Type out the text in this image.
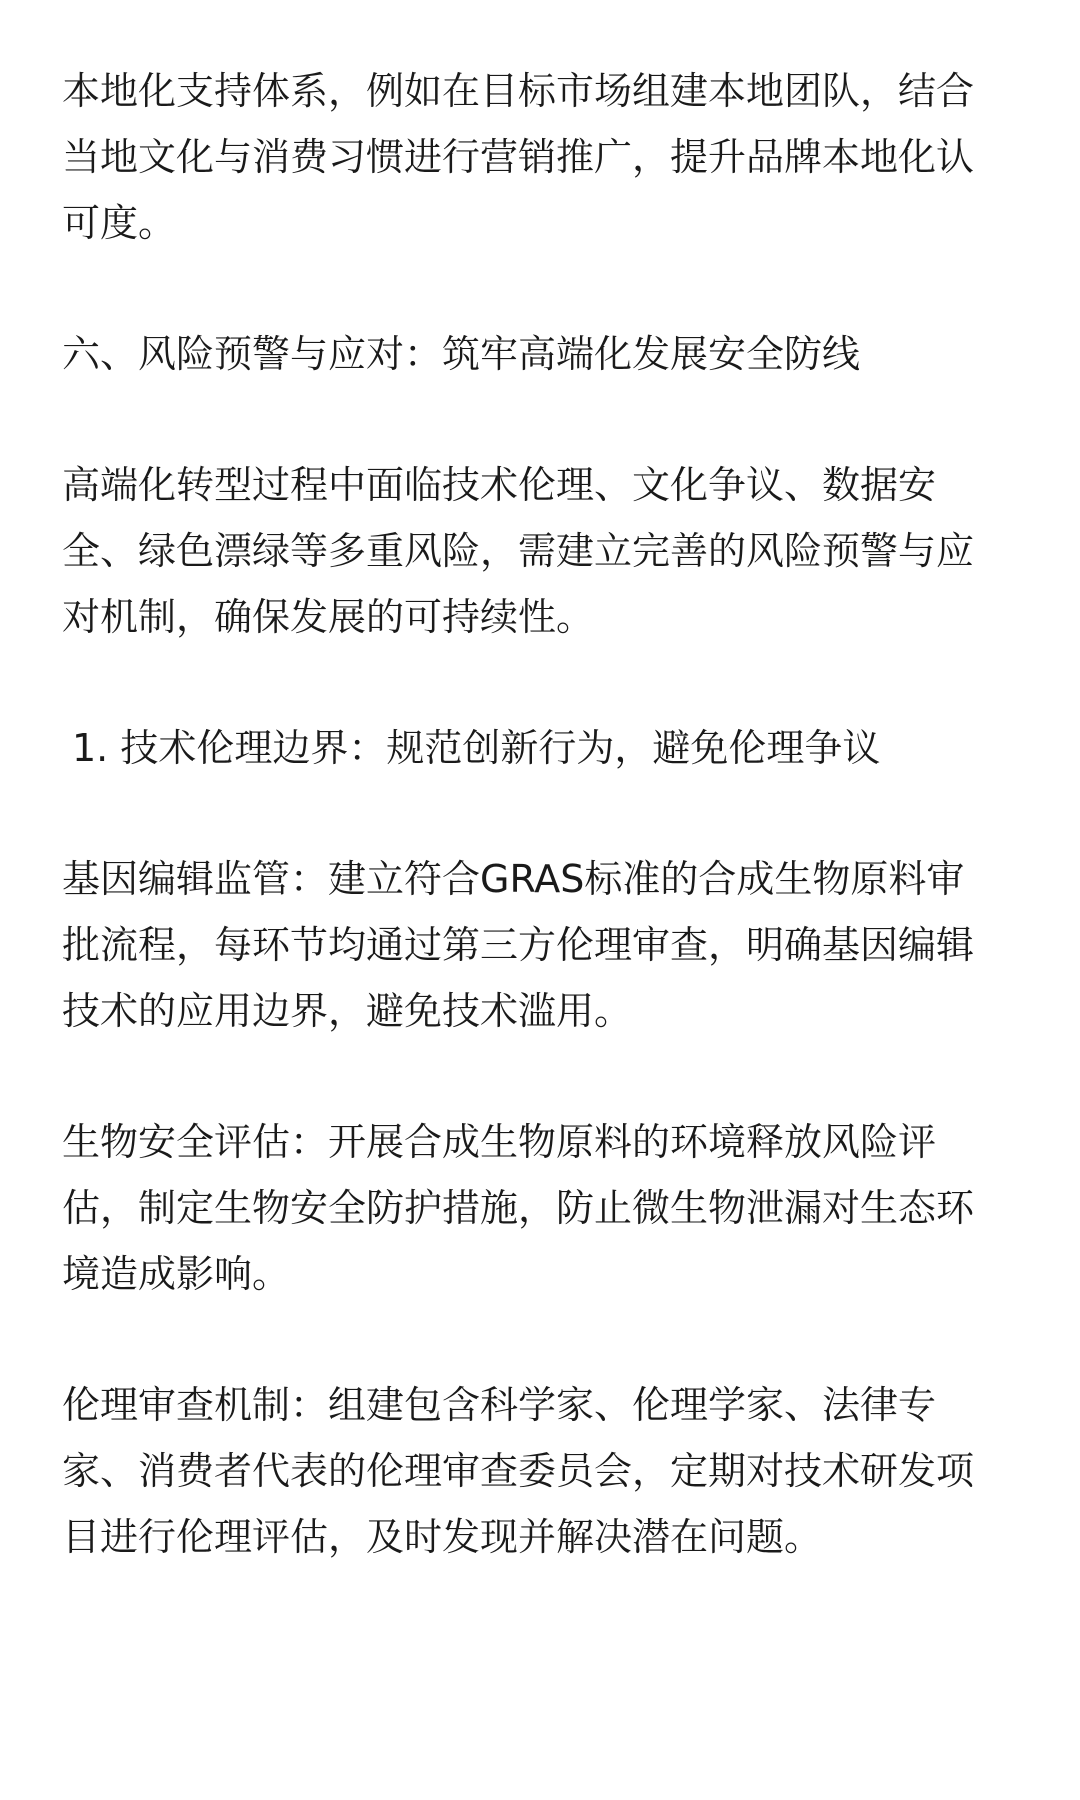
本地化支持体系，例如在目标市场组建本地团队，结合
当地文化与消费习惯进行营销推广，提升品牌本地化认
可度。

六、风险预警与应对：筑牢高端化发展安全防线

高端化转型过程中面临技术伦理、文化争议、数据安
全、绿色漂绿等多重风险，需建立完善的风险预警与应
对机制，确保发展的可持续性。

1. 技术伦理边界：规范创新行为，避免伦理争议

基因编辑监管：建立符合GRAS标准的合成生物原料审
批流程，每环节均通过第三方伦理审查，明确基因编辑
技术的应用边界，避免技术滥用。

生物安全评估：开展合成生物原料的环境释放风险评
估，制定生物安全防护措施，防止微生物泄漏对生态环
境造成影响。

伦理审查机制：组建包含科学家、伦理学家、法律专
家、消费者代表的伦理审查委员会，定期对技术研发项
目进行伦理评估，及时发现并解决潜在问题。
